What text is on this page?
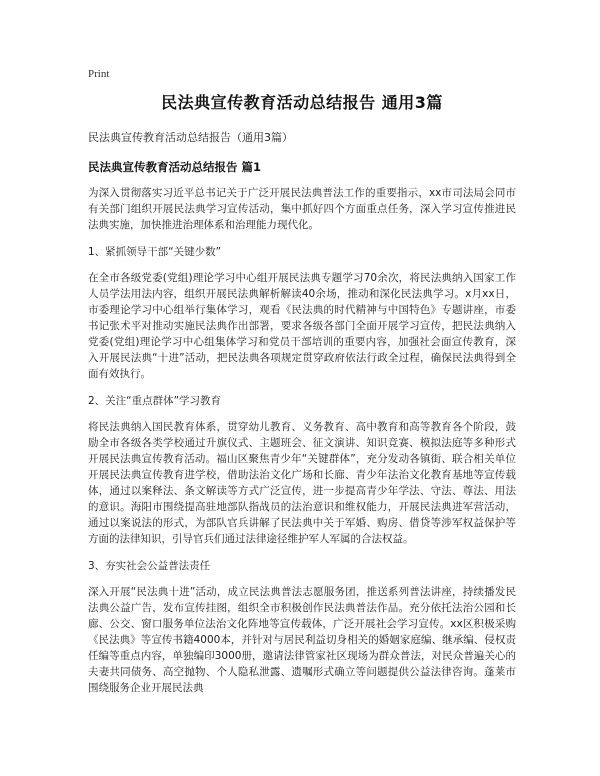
Print
民法典宣传教育活动总结报告 通用3篇
民法典宣传教育活动总结报告（通用3篇）
民法典宣传教育活动总结报告 篇1

为深入贯彻落实习近平总书记关于广泛开展民法典普法工作的重要指示，xx市司法局会同市有关部门组织开展民法典学习宣传活动，集中抓好四个方面重点任务，深入学习宣传推进民法典实施，加快推进治理体系和治理能力现代化。

1、紧抓领导干部“关键少数”

在全市各级党委(党组)理论学习中心组开展民法典专题学习70余次，将民法典纳入国家工作人员学法用法内容，组织开展民法典解析解读40余场，推动和深化民法典学习。x月xx日，市委理论学习中心组举行集体学习，观看《民法典的时代精神与中国特色》专题讲座，市委书记张术平对推动实施民法典作出部署，要求各级各部门全面开展学习宣传，把民法典纳入党委(党组)理论学习中心组集体学习和党员干部培训的重要内容，加强社会面宣传教育，深入开展民法典“十进”活动，把民法典各项规定贯穿政府依法行政全过程，确保民法典得到全面有效执行。

2、关注“重点群体”学习教育

将民法典纳入国民教育体系，贯穿幼儿教育、义务教育、高中教育和高等教育各个阶段，鼓励全市各级各类学校通过升旗仪式、主题班会、征文演讲、知识竞赛、模拟法庭等多种形式开展民法典宣传教育活动。福山区聚焦青少年“关键群体”，充分发动各镇街、联合相关单位开展民法典宣传教育进学校，借助法治文化广场和长廊、青少年法治文化教育基地等宣传载体，通过以案释法、条文解读等方式广泛宣传，进一步提高青少年学法、守法、尊法、用法的意识。海阳市围绕提高驻地部队指战员的法治意识和维权能力，开展民法典进军营活动，通过以案说法的形式，为部队官兵讲解了民法典中关于军婚、购房、借贷等涉军权益保护等方面的法律知识，引导官兵们通过法律途径维护军人军属的合法权益。

3、夯实社会公益普法责任

深入开展“民法典十进”活动，成立民法典普法志愿服务团，推送系列普法讲座，持续播发民法典公益广告，发布宣传挂图，组织全市积极创作民法典普法作品。充分依托法治公园和长廊、公交、窗口服务单位法治文化阵地等宣传载体，广泛开展社会学习宣传。xx区积极采购《民法典》等宣传书籍4000本，并针对与居民利益切身相关的婚姻家庭编、继承编、侵权责任编等重点内容，单独编印3000册，邀请法律管家社区现场为群众普法，对民众普遍关心的夫妻共同债务、高空抛物、个人隐私泄露、遗嘱形式确立等问题提供公益法律咨询。蓬莱市围绕服务企业开展民法典
